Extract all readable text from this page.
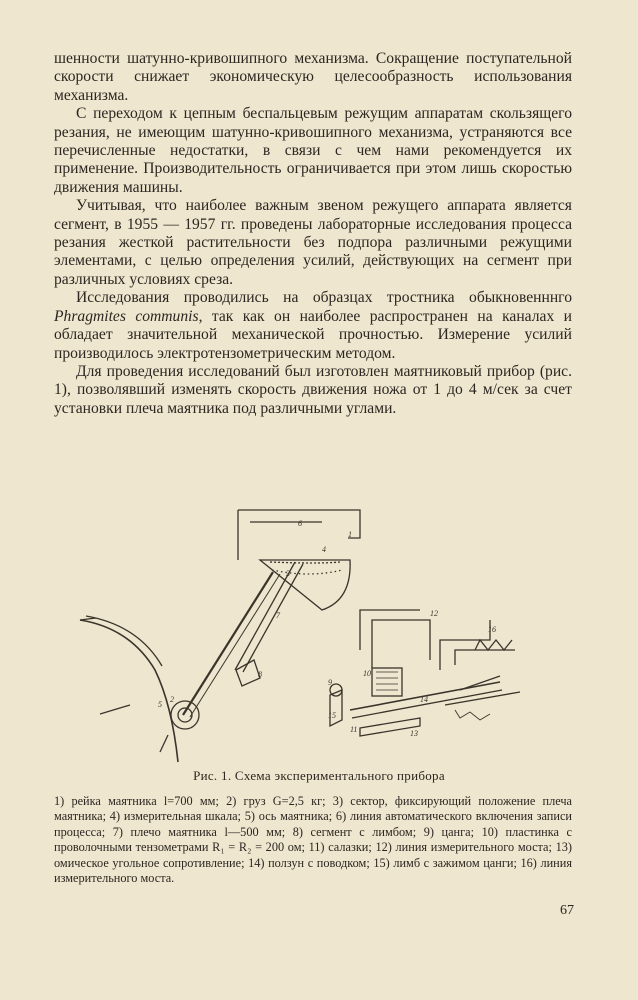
шенности шатунно-кривошипного механизма. Сокращение поступательной скорости снижает экономическую целесообразность использования механизма.

С переходом к цепным беспальцевым режущим аппаратам скользящего резания, не имеющим шатунно-кривошипного механизма, устраняются все перечисленные недостатки, в связи с чем нами рекомендуется их применение. Производительность ограничивается при этом лишь скоростью движения машины.

Учитывая, что наиболее важным звеном режущего аппарата является сегмент, в 1955 — 1957 гг. проведены лабораторные исследования процесса резания жесткой растительности без подпора различными режущими элементами, с целью определения усилий, действующих на сегмент при различных условиях среза.

Исследования проводились на образцах тростника обыкновенннго Phragmites communis, так как он наиболее распространен на каналах и обладает значительной механической прочностью. Измерение усилий производилось электротензометрическим методом.

Для проведения исследований был изготовлен маятниковый прибор (рис. 1), позволявший изменять скорость движения ножа от 1 до 4 м/сек за счет установки плеча маятника под различными углами.

1
2
3
4
5
6
7
8
9
10
11
12
13
14
15
16
Рис. 1. Схема экспериментального прибора
1) рейка маятника l=700 мм; 2) груз G=2,5 кг; 3) сектор, фиксирующий положение плеча маятника; 4) измерительная шкала; 5) ось маятника; 6) линия автоматического включения записи процесса; 7) плечо маятника l—500 мм; 8) сегмент с лимбом; 9) цанга; 10) пластинка с проволочными тензометрами R₁ = R₂ = 200 ом; 11) салазки; 12) линия измерительного моста; 13) омическое угольное сопротивление; 14) ползун с поводком; 15) лимб с зажимом цанги; 16) линия измерительного моста.
67
